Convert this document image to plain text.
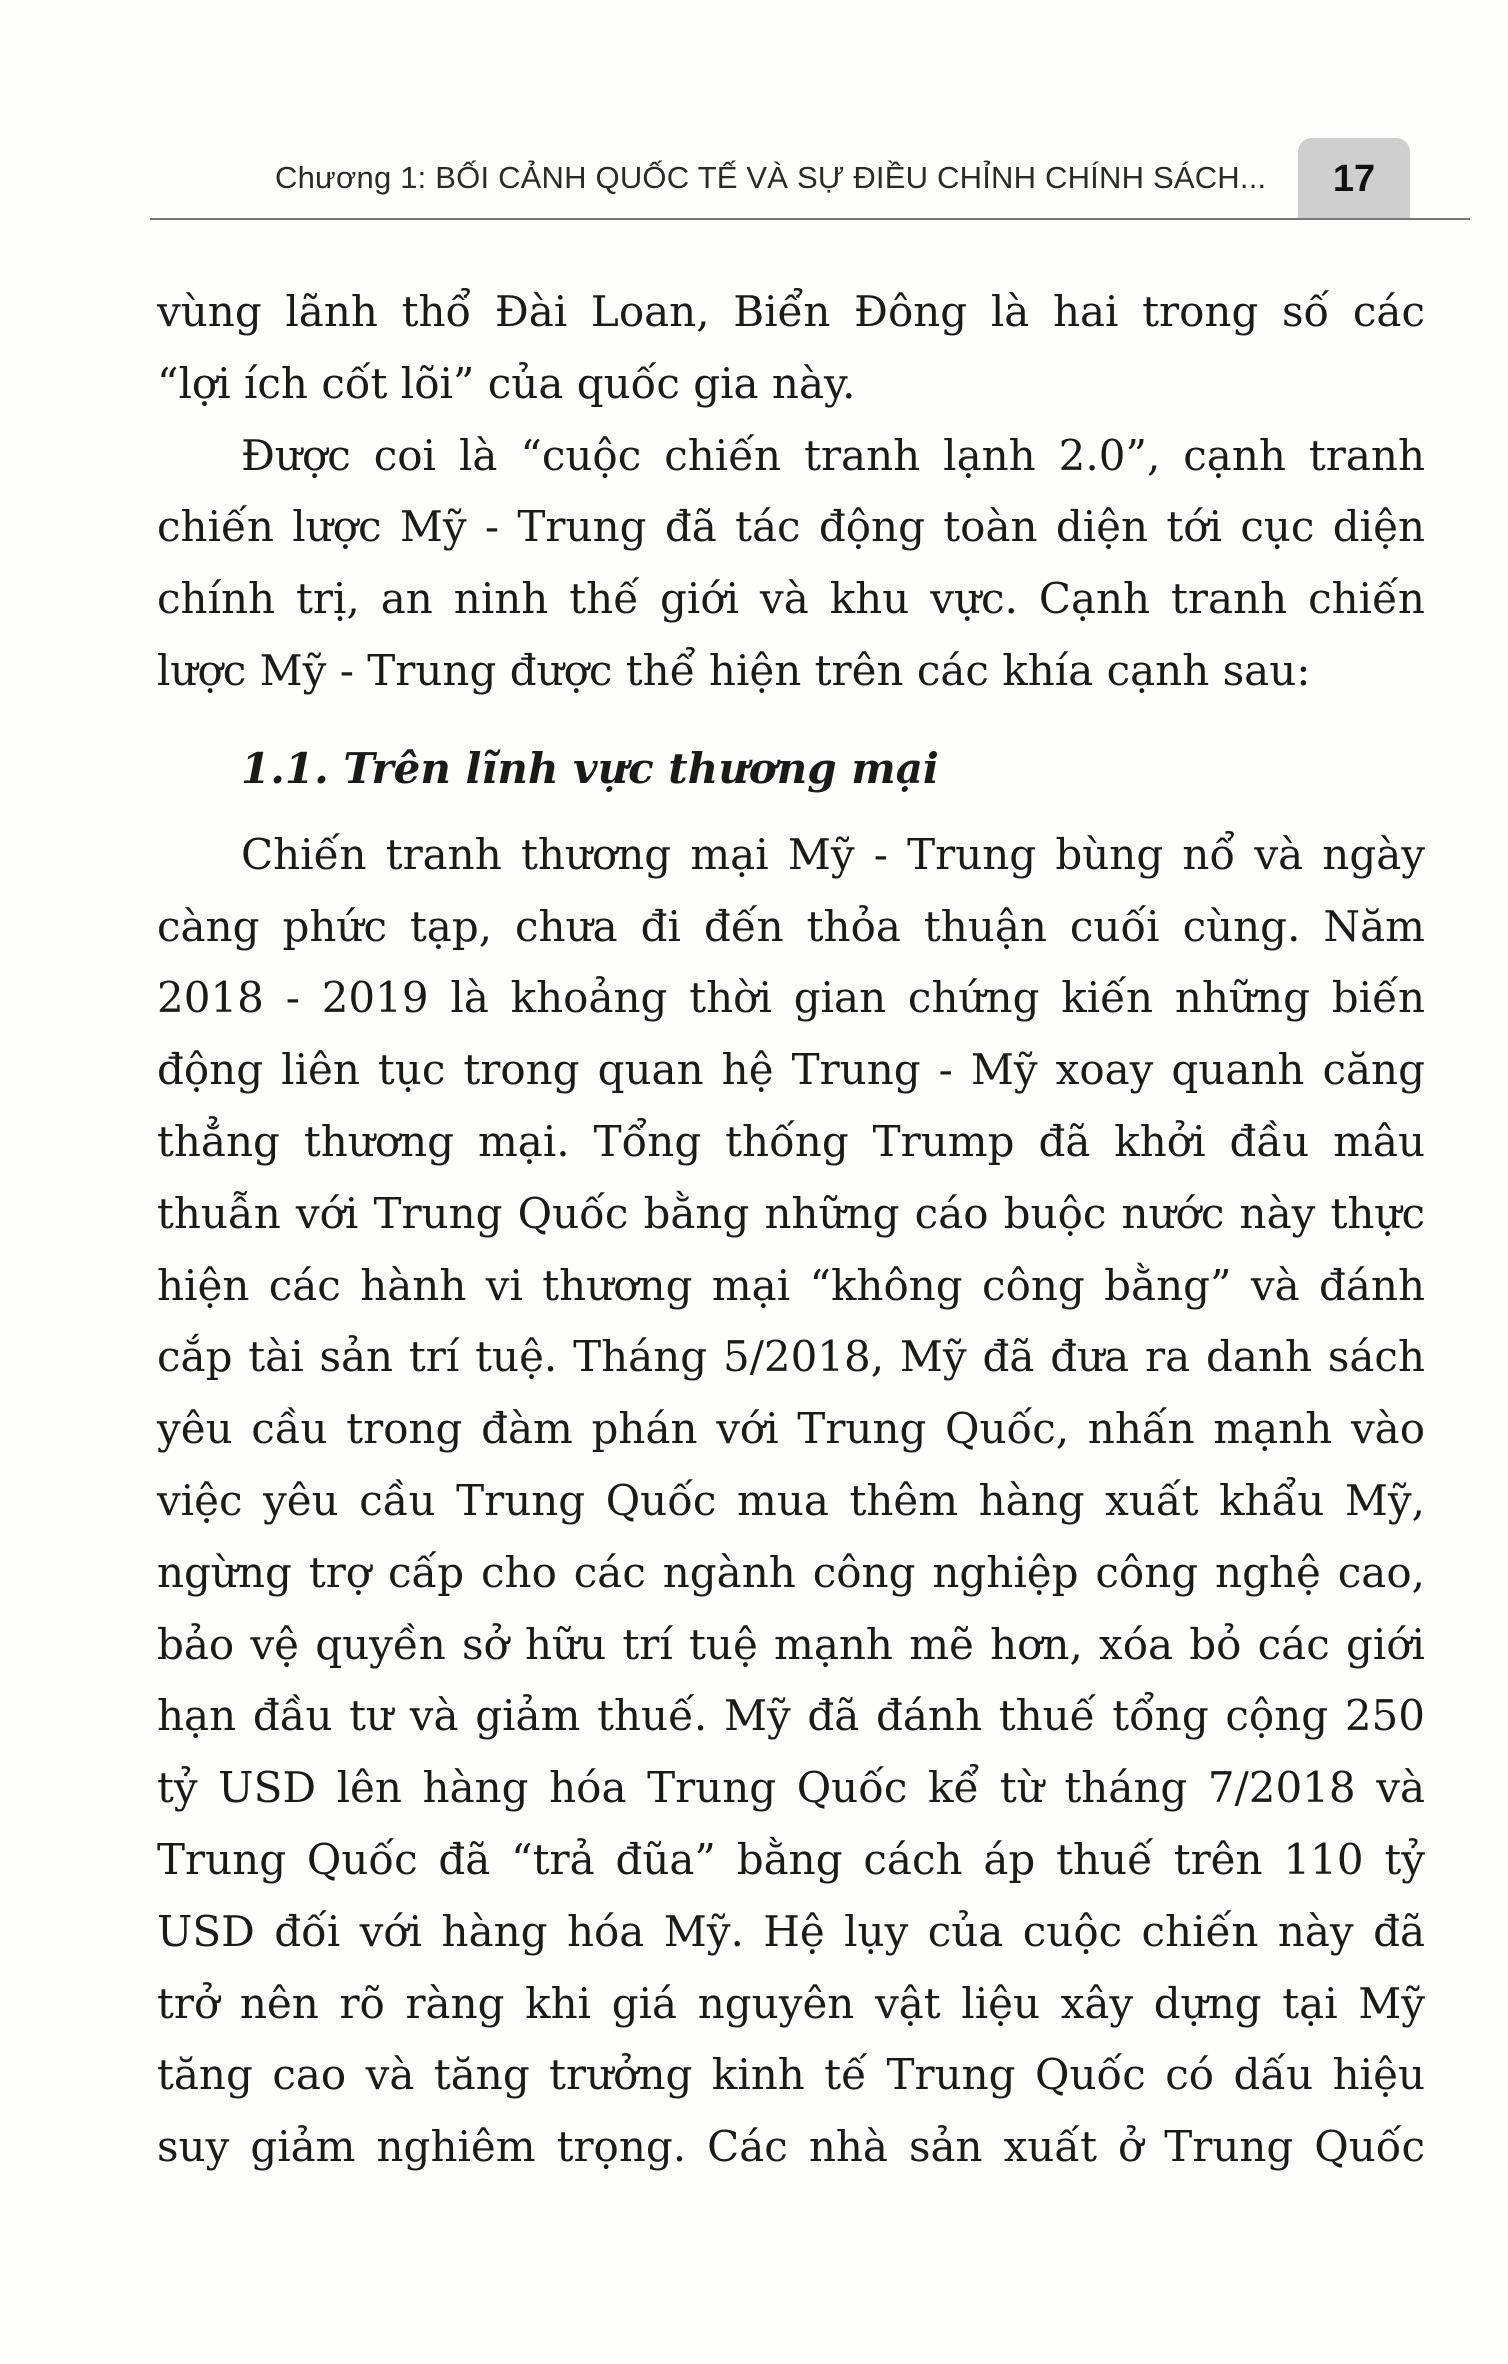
Chương 1: BỐI CẢNH QUỐC TẾ VÀ SỰ ĐIỀU CHỈNH CHÍNH SÁCH...	17
vùng lãnh thổ Đài Loan, Biển Đông là hai trong số các
“lợi ích cốt lõi” của quốc gia này.
Được coi là “cuộc chiến tranh lạnh 2.0”, cạnh tranh
chiến lược Mỹ - Trung đã tác động toàn diện tới cục diện
chính trị, an ninh thế giới và khu vực. Cạnh tranh chiến
lược Mỹ - Trung được thể hiện trên các khía cạnh sau:
1.1. Trên lĩnh vực thương mại
Chiến tranh thương mại Mỹ - Trung bùng nổ và ngày
càng phức tạp, chưa đi đến thỏa thuận cuối cùng. Năm
2018 - 2019 là khoảng thời gian chứng kiến những biến
động liên tục trong quan hệ Trung - Mỹ xoay quanh căng
thẳng thương mại. Tổng thống Trump đã khởi đầu mâu
thuẫn với Trung Quốc bằng những cáo buộc nước này thực
hiện các hành vi thương mại “không công bằng” và đánh
cắp tài sản trí tuệ. Tháng 5/2018, Mỹ đã đưa ra danh sách
yêu cầu trong đàm phán với Trung Quốc, nhấn mạnh vào
việc yêu cầu Trung Quốc mua thêm hàng xuất khẩu Mỹ,
ngừng trợ cấp cho các ngành công nghiệp công nghệ cao,
bảo vệ quyền sở hữu trí tuệ mạnh mẽ hơn, xóa bỏ các giới
hạn đầu tư và giảm thuế. Mỹ đã đánh thuế tổng cộng 250
tỷ USD lên hàng hóa Trung Quốc kể từ tháng 7/2018 và
Trung Quốc đã “trả đũa” bằng cách áp thuế trên 110 tỷ
USD đối với hàng hóa Mỹ. Hệ lụy của cuộc chiến này đã
trở nên rõ ràng khi giá nguyên vật liệu xây dựng tại Mỹ
tăng cao và tăng trưởng kinh tế Trung Quốc có dấu hiệu
suy giảm nghiêm trọng. Các nhà sản xuất ở Trung Quốc
